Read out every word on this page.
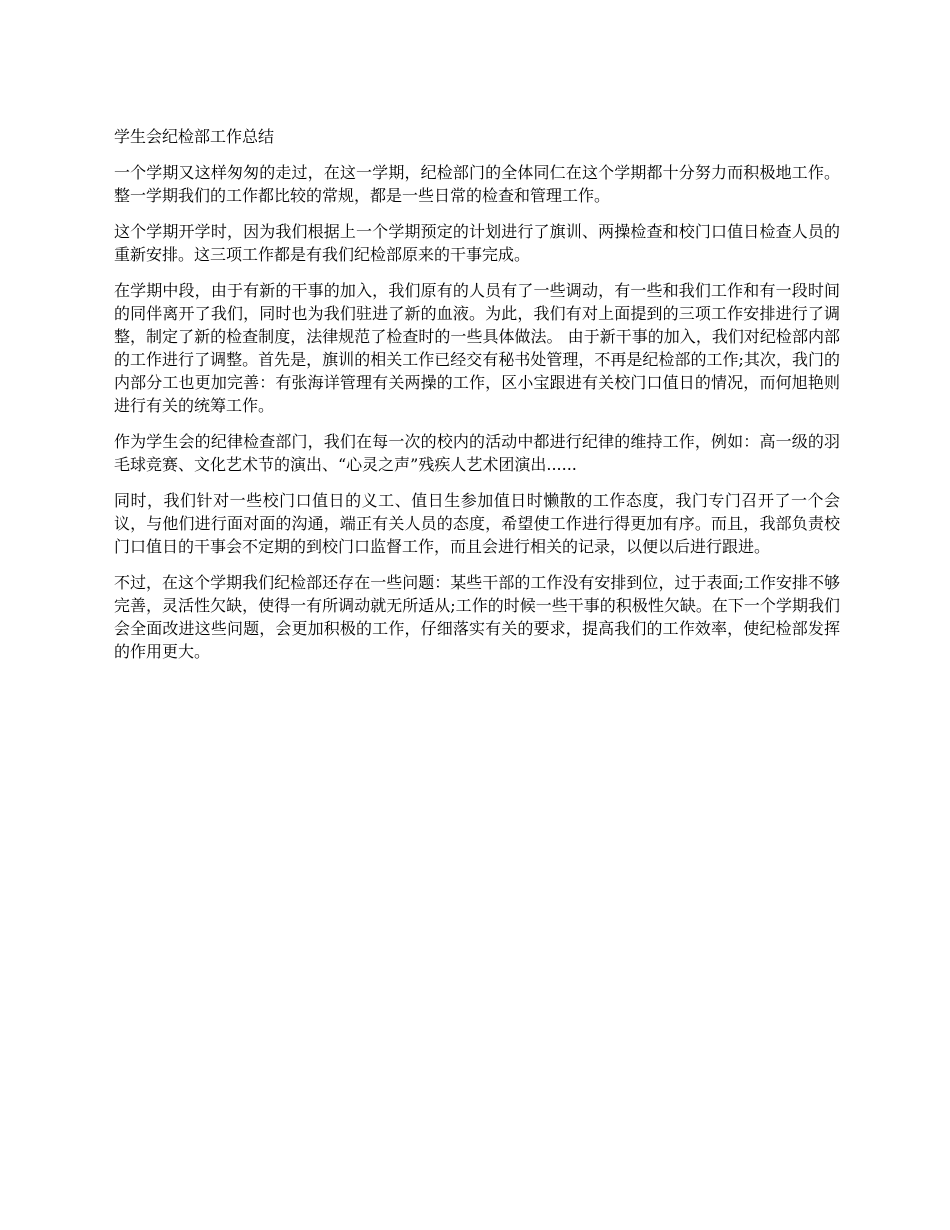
学生会纪检部工作总结

一个学期又这样匆匆的走过，在这一学期，纪检部门的全体同仁在这个学期都十分努力而积极地工作。整一学期我们的工作都比较的常规，都是一些日常的检查和管理工作。

这个学期开学时，因为我们根据上一个学期预定的计划进行了旗训、两操检查和校门口值日检查人员的重新安排。这三项工作都是有我们纪检部原来的干事完成。

在学期中段，由于有新的干事的加入，我们原有的人员有了一些调动，有一些和我们工作和有一段时间的同伴离开了我们，同时也为我们驻进了新的血液。为此，我们有对上面提到的三项工作安排进行了调整，制定了新的检查制度，法律规范了检查时的一些具体做法。 由于新干事的加入，我们对纪检部内部的工作进行了调整。首先是，旗训的相关工作已经交有秘书处管理，不再是纪检部的工作;其次，我门的内部分工也更加完善：有张海详管理有关两操的工作，区小宝跟进有关校门口值日的情况，而何旭艳则进行有关的统筹工作。

作为学生会的纪律检查部门，我们在每一次的校内的活动中都进行纪律的维持工作，例如：高一级的羽毛球竞赛、文化艺术节的演出、“心灵之声”残疾人艺术团演出......

同时，我们针对一些校门口值日的义工、值日生参加值日时懒散的工作态度，我门专门召开了一个会议，与他们进行面对面的沟通，端正有关人员的态度，希望使工作进行得更加有序。而且，我部负责校门口值日的干事会不定期的到校门口监督工作，而且会进行相关的记录，以便以后进行跟进。

不过，在这个学期我们纪检部还存在一些问题：某些干部的工作没有安排到位，过于表面;工作安排不够完善，灵活性欠缺，使得一有所调动就无所适从;工作的时候一些干事的积极性欠缺。在下一个学期我们会全面改进这些问题，会更加积极的工作，仔细落实有关的要求，提高我们的工作效率，使纪检部发挥的作用更大。
